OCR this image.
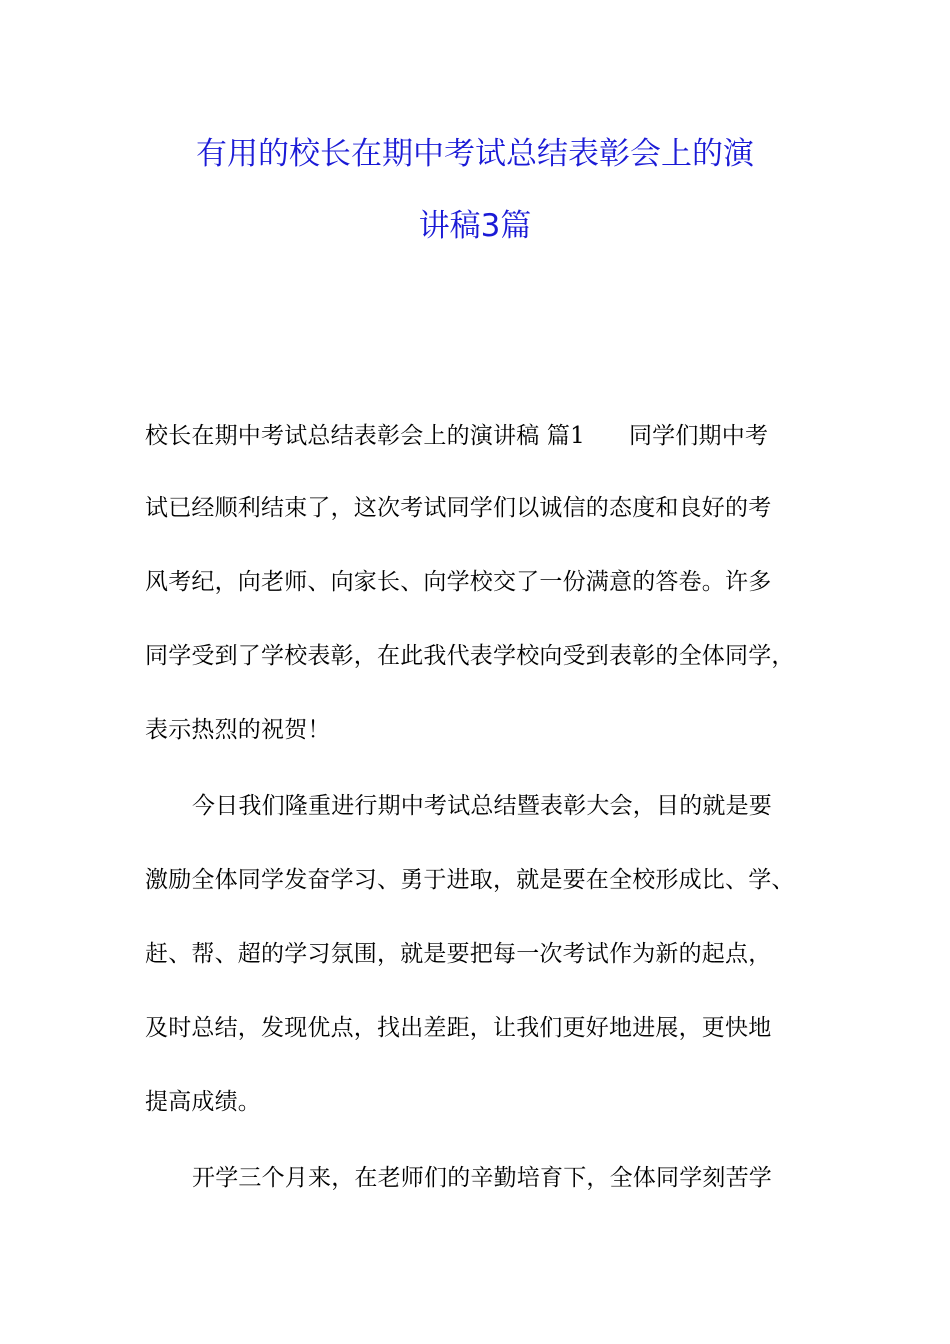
有用的校长在期中考试总结表彰会上的演
讲稿3篇
校长在期中考试总结表彰会上的演讲稿 篇1 同学们期中考
试已经顺利结束了，这次考试同学们以诚信的态度和良好的考
风考纪，向老师、向家长、向学校交了一份满意的答卷。许多
同学受到了学校表彰，在此我代表学校向受到表彰的全体同学，
表示热烈的祝贺！
今日我们隆重进行期中考试总结暨表彰大会，目的就是要
激励全体同学发奋学习、勇于进取，就是要在全校形成比、学、
赶、帮、超的学习氛围，就是要把每一次考试作为新的起点，
及时总结，发现优点，找出差距，让我们更好地进展，更快地
提高成绩。
开学三个月来，在老师们的辛勤培育下，全体同学刻苦学
